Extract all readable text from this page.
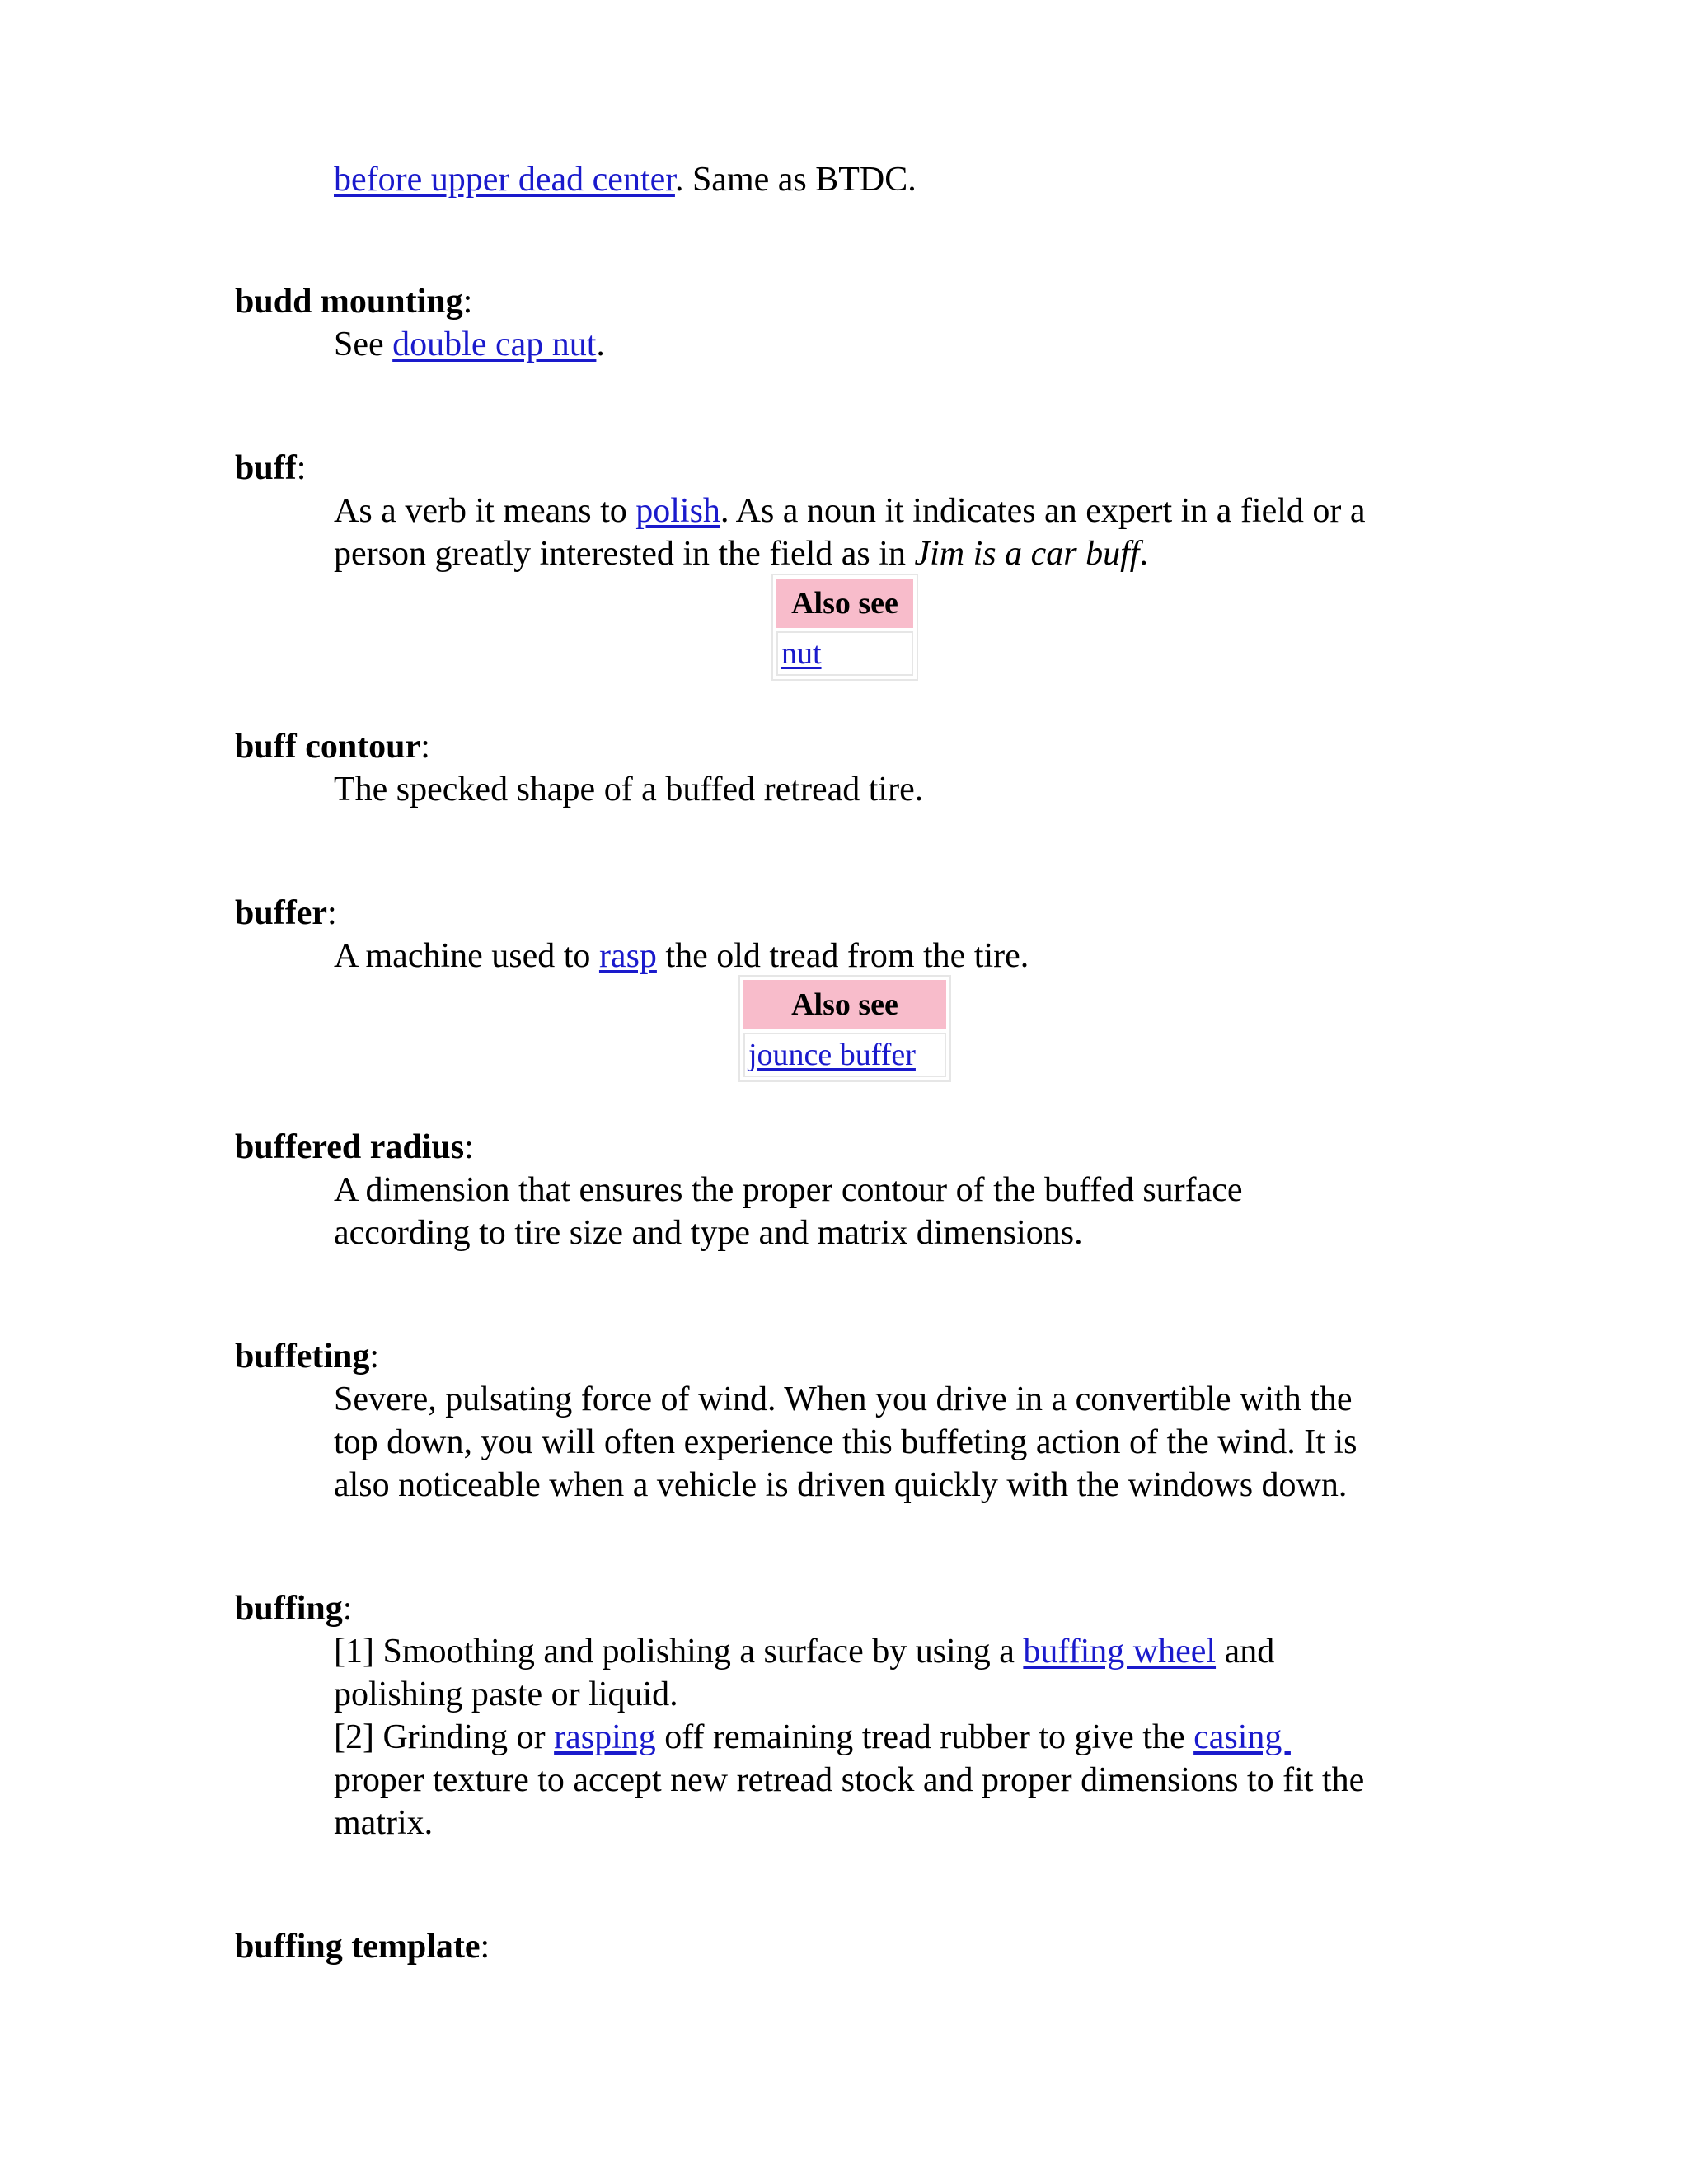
before upper dead center. Same as BTDC.
budd mounting:
See double cap nut.
buff:
As a verb it means to polish. As a noun it indicates an expert in a field or a
person greatly interested in the field as in Jim is a car buff.
Also see
nut
buff contour:
The specked shape of a buffed retread tire.
buffer:
A machine used to rasp the old tread from the tire.
Also see
jounce buffer
buffered radius:
A dimension that ensures the proper contour of the buffed surface
according to tire size and type and matrix dimensions.
buffeting:
Severe, pulsating force of wind. When you drive in a convertible with the
top down, you will often experience this buffeting action of the wind. It is
also noticeable when a vehicle is driven quickly with the windows down.
buffing:
[1] Smoothing and polishing a surface by using a buffing wheel and
polishing paste or liquid.
[2] Grinding or rasping off remaining tread rubber to give the casing
proper texture to accept new retread stock and proper dimensions to fit the
matrix.
buffing template:
